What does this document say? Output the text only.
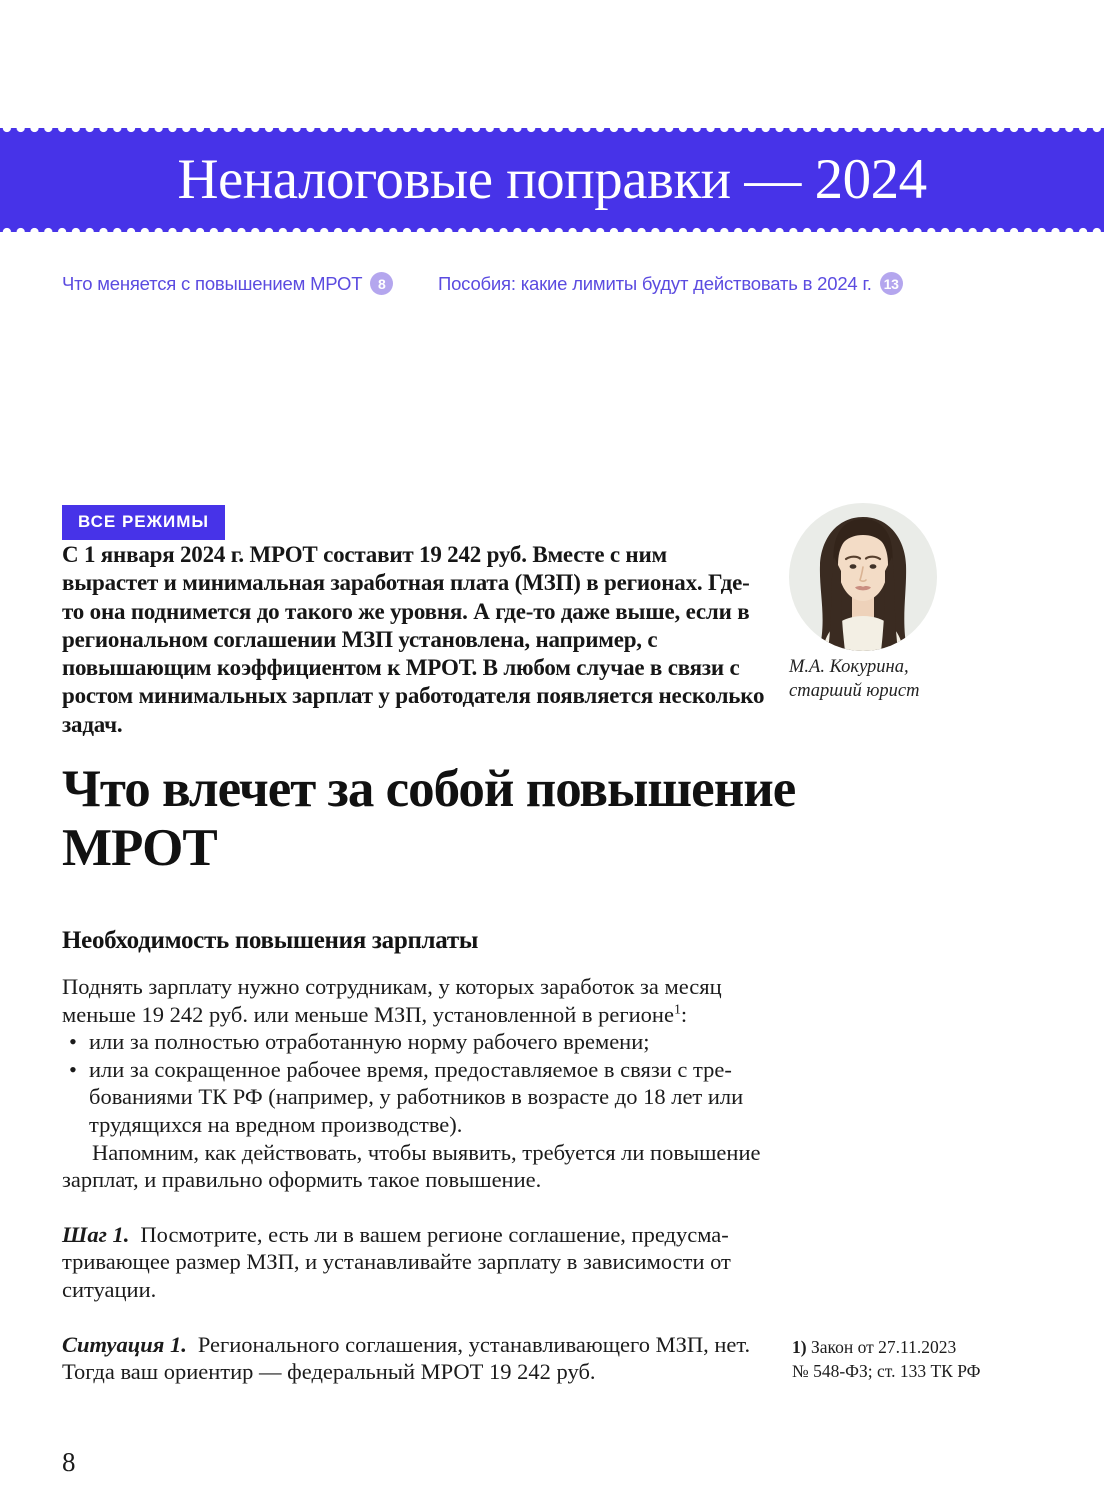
Неналоговые поправки — 2024
Что меняется с повышением МРОТ	8	Пособия: какие лимиты будут действовать в 2024 г. 13
ВСЕ РЕЖИМЫ

С 1 января 2024 г. МРОТ составит 19 242 руб. Вместе с ним вырастет и минимальная заработная плата (МЗП) в регионах. Где-то она поднимется до такого же уровня. А где-то даже выше, если в региональном соглашении МЗП установлена, например, с повышающим коэффициентом к МРОТ. В любом случае в связи с ростом минимальных зарплат у работодателя появляется несколько задач.

М.А. Кокурина,
старший юрист
Что влечет за собой повышение МРОТ
Необходимость повышения зарплаты

Поднять зарплату нужно сотрудникам, у которых заработок за месяц меньше 19 242 руб. или меньше МЗП, установленной в регионе$^1$:

• или за полностью отработанную норму рабочего времени;
• или за сокращенное рабочее время, предоставляемое в связи с требованиями ТК РФ (например, у работников в возрасте до 18 лет или трудящихся на вредном производстве).

Напомним, как действовать, чтобы выявить, требуется ли повышение зарплат, и правильно оформить такое повышение.

Шаг 1. Посмотрите, есть ли в вашем регионе соглашение, предусматривающее размер МЗП, и устанавливайте зарплату в зависимости от ситуации.

Ситуация 1. Регионального соглашения, устанавливающего МЗП, нет. Тогда ваш ориентир — федеральный МРОТ 19 242 руб.

1) Закон от 27.11.2023 № 548-ФЗ; ст. 133 ТК РФ
8
